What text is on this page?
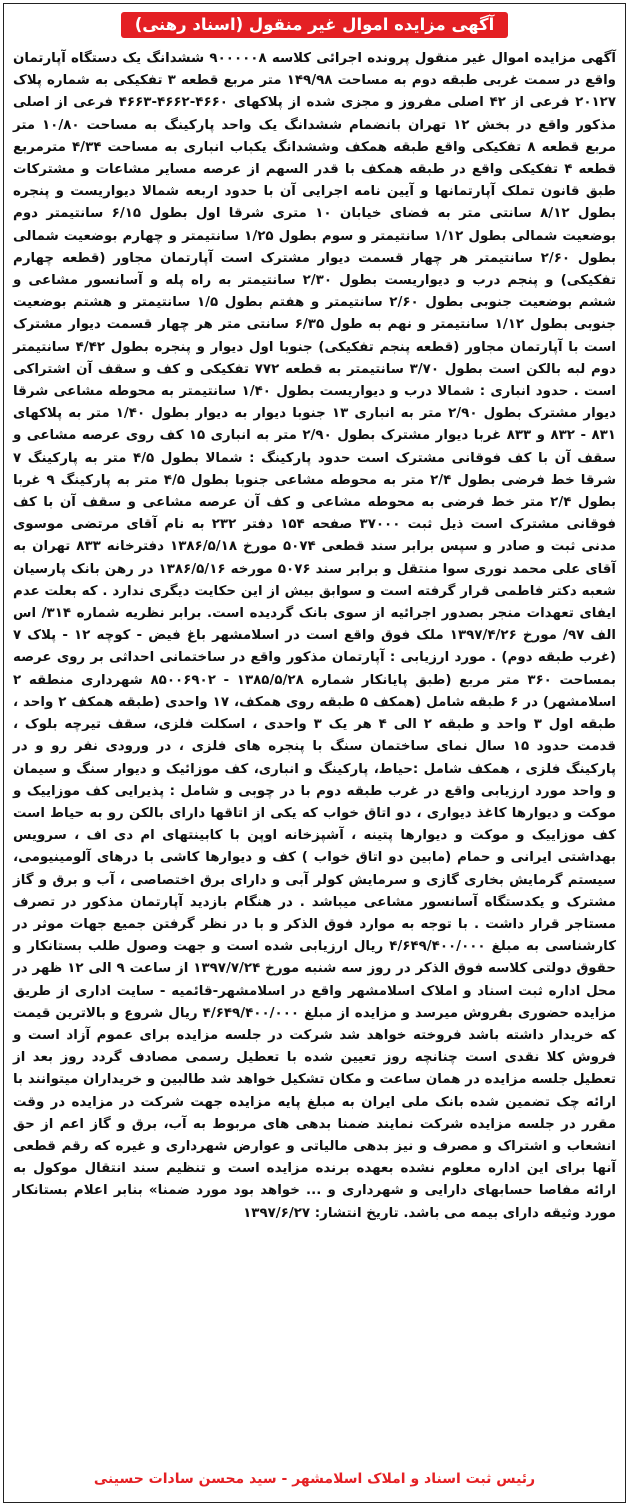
آگهی مزایده اموال غیر منقول (اسناد رهنی)
آگهی مزایده اموال غیر منقول پرونده اجرائی کلاسه ۹۰۰۰۰۰۸ ششدانگ یک دستگاه آپارتمان واقع در سمت غربی طبقه دوم به مساحت ۱۴۹/۹۸ متر مربع قطعه ۳ تفکیکی به شماره پلاک ۲۰۱۲۷ فرعی از ۴۲ اصلی مفروز و مجزی شده از پلاکهای ۴۶۶۰-۴۶۶۲-۴۶۶۳ فرعی از اصلی مذکور واقع در بخش ۱۲ تهران بانضمام ششدانگ یک واحد پارکینگ به مساحت ۱۰/۸۰ متر مربع قطعه ۸ تفکیکی واقع طبقه همکف وششدانگ یکباب انباری به مساحت ۴/۳۴ مترمربع قطعه ۴ تفکیکی واقع در طبقه همکف با قدر السهم از عرصه مسایر مشاعات و مشترکات طبق قانون تملک آپارتمانها و آیین نامه اجرایی آن با حدود اربعه شمالا دیواریست و پنجره بطول ۸/۱۲ سانتی متر به فضای خیابان ۱۰ متری شرقا اول بطول ۶/۱۵ سانتیمتر دوم بوضعیت شمالی بطول ۱/۱۲ سانتیمتر و سوم بطول ۱/۲۵ سانتیمتر و چهارم بوضعیت شمالی بطول ۲/۶۰ سانتیمتر هر چهار قسمت دیوار مشترک است آپارتمان مجاور (قطعه چهارم تفکیکی) و پنجم درب و دیواریست بطول ۲/۳۰ سانتیمتر به راه پله و آسانسور مشاعی و ششم بوضعیت جنوبی بطول ۲/۶۰ سانتیمتر و هفتم بطول ۱/۵ سانتیمتر و هشتم بوضعیت جنوبی بطول ۱/۱۲ سانتیمتر و نهم به طول ۶/۳۵ سانتی متر هر چهار قسمت دیوار مشترک است با آپارتمان مجاور (قطعه پنجم تفکیکی) جنوبا اول دیوار و پنجره بطول ۴/۴۲ سانتیمتر دوم لبه بالکن است بطول ۳/۷۰ سانتیمتر به قطعه ۷۷۲ تفکیکی و کف و سقف آن اشتراکی است . حدود انباری : شمالا درب و دیواریست بطول ۱/۴۰ سانتیمتر به محوطه مشاعی شرقا دیوار مشترک بطول ۲/۹۰ متر به انباری ۱۳ جنوبا دیوار به دیوار بطول ۱/۴۰ متر به پلاکهای ۸۳۱ - ۸۳۲ و ۸۳۳ غربا دیوار مشترک بطول ۲/۹۰ متر به انباری ۱۵ کف روی عرصه مشاعی و سقف آن با کف فوقانی مشترک است حدود پارکینگ : شمالا بطول ۴/۵ متر به پارکینگ ۷ شرقا خط فرضی بطول ۲/۴ متر به محوطه مشاعی جنوبا بطول ۴/۵ متر به پارکینگ ۹ غربا بطول ۲/۴ متر خط فرضی به محوطه مشاعی و کف آن عرصه مشاعی و سقف آن با کف فوقانی مشترک است ذیل ثبت ۳۷۰۰۰ صفحه ۱۵۴ دفتر ۲۳۲ به نام آقای مرتضی موسوی مدنی ثبت و صادر و سپس برابر سند قطعی ۵۰۷۴ مورخ ۱۳۸۶/۵/۱۸ دفترخانه ۸۳۳ تهران به آقای علی محمد نوری سوا منتقل و برابر سند ۵۰۷۶ مورخه ۱۳۸۶/۵/۱۶ در رهن بانک پارسیان شعبه دکتر فاطمی قرار گرفته است و سوابق بیش از این حکایت دیگری ندارد . که بعلت عدم ایفای تعهدات منجر بصدور اجرائیه از سوی بانک گردیده است. برابر نظریه شماره ۳۱۴/ اس الف ۹۷/ مورخ ۱۳۹۷/۴/۲۶ ملک فوق واقع است در اسلامشهر باغ فیض - کوچه ۱۲ - پلاک ۷ (غرب طبقه دوم) . مورد ارزیابی : آپارتمان مذکور واقع در ساختمانی احداثی بر روی عرصه بمساحت ۳۶۰ متر مربع (طبق پایانکار شماره ۱۳۸۵/۵/۲۸ - ۸۵۰۰۶۹۰۲ شهرداری منطقه ۲ اسلامشهر) در ۶ طبقه شامل (همکف ۵ طبقه روی همکف، ۱۷ واحدی (طبقه همکف ۲ واحد ، طبقه اول ۳ واحد و طبقه ۲ الی ۴ هر یک ۳ واحدی ، اسکلت فلزی، سقف تیرچه بلوک ، قدمت حدود ۱۵ سال نمای ساختمان سنگ با پنجره های فلزی ، در ورودی نفر رو و در پارکینگ فلزی ، همکف شامل :حیاط، پارکینگ و انباری، کف موزائیک و دیوار سنگ و سیمان و واحد مورد ارزیابی واقع در غرب طبقه دوم با در چوبی و شامل : پذیرایی کف موزاییک و موکت و دیوارها کاغذ دیواری ، دو اتاق خواب که یکی از اتاقها دارای بالکن رو به حیاط است کف موزاییک و موکت و دیوارها پتینه ، آشپزخانه اوپن با کابینتهای ام دی اف ، سرویس بهداشتی ایرانی و حمام (مابین دو اتاق خواب ) کف و دیوارها کاشی با درهای آلومینیومی، سیستم گرمایش بخاری گازی و سرمایش کولر آبی و دارای برق اختصاصی ، آب و برق و گاز مشترک و یکدستگاه آسانسور مشاعی میباشد . در هنگام بازدید آپارتمان مذکور در تصرف مستاجر قرار داشت . با توجه به موارد فوق الذکر و با در نظر گرفتن جمیع جهات موثر در کارشناسی به مبلغ ۴/۶۴۹/۴۰۰/۰۰۰ ریال ارزیابی شده است و جهت وصول طلب بستانکار و حقوق دولتی کلاسه فوق الذکر در روز سه شنبه مورخ ۱۳۹۷/۷/۲۴ از ساعت ۹ الی ۱۲ ظهر در محل اداره ثبت اسناد و املاک اسلامشهر واقع در اسلامشهر-قائمیه - سایت اداری از طریق مزایده حضوری بفروش میرسد و مزایده از مبلغ ۴/۶۴۹/۴۰۰/۰۰۰ ریال شروع و بالاترین قیمت که خریدار داشته باشد فروخته خواهد شد شرکت در جلسه مزایده برای عموم آزاد است و فروش کلا نقدی است چنانچه روز تعیین شده با تعطیل رسمی مصادف گردد روز بعد از تعطیل جلسه مزایده در همان ساعت و مکان تشکیل خواهد شد طالبین و خریداران میتوانند با ارائه چک تضمین شده بانک ملی ایران به مبلغ پایه مزایده جهت شرکت در مزایده در وقت مقرر در جلسه مزایده شرکت نمایند ضمنا بدهی های مربوط به آب، برق و گاز اعم از حق انشعاب و اشتراک و مصرف و نیز بدهی مالیاتی و عوارض شهرداری و غیره که رقم قطعی آنها برای این اداره معلوم نشده بعهده برنده مزایده است و تنظیم سند انتقال موکول به ارائه مفاصا حسابهای دارایی و شهرداری و ... خواهد بود مورد ضمنا» بنابر اعلام بستانکار مورد وثیقه دارای بیمه می باشد. تاریخ انتشار: ۱۳۹۷/۶/۲۷
رئیس ثبت اسناد و املاک اسلامشهر - سید محسن سادات حسینی
